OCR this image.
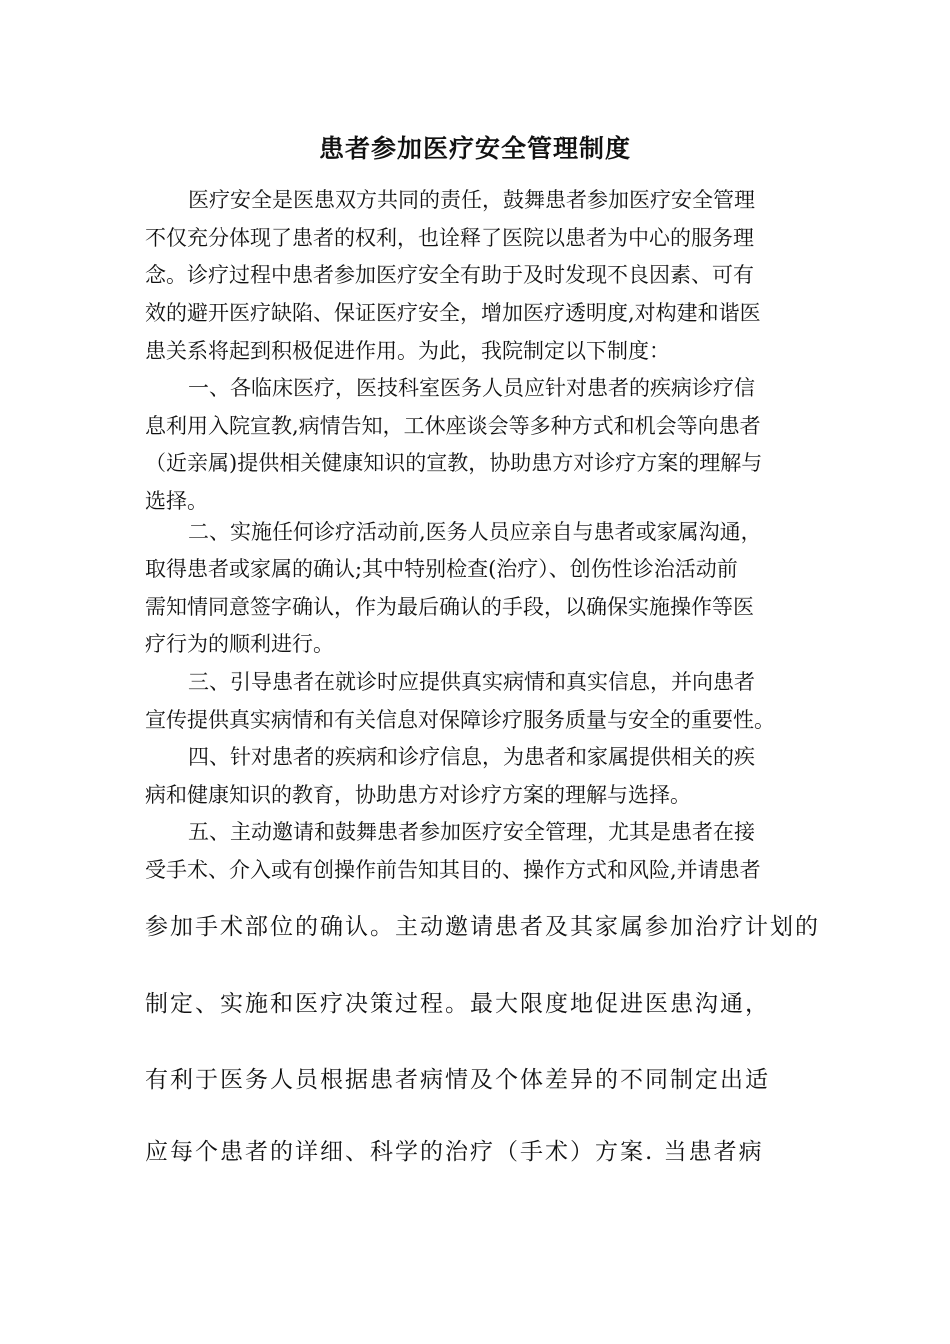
患者参加医疗安全管理制度
医疗安全是医患双方共同的责任，鼓舞患者参加医疗安全管理
不仅充分体现了患者的权利，也诠释了医院以患者为中心的服务理
念。诊疗过程中患者参加医疗安全有助于及时发现不良因素、可有
效的避开医疗缺陷、保证医疗安全，增加医疗透明度,对构建和谐医
患关系将起到积极促进作用。为此，我院制定以下制度：
一、各临床医疗，医技科室医务人员应针对患者的疾病诊疗信
息利用入院宣教,病情告知，工休座谈会等多种方式和机会等向患者
（近亲属)提供相关健康知识的宣教，协助患方对诊疗方案的理解与
选择。
二、实施任何诊疗活动前,医务人员应亲自与患者或家属沟通，
取得患者或家属的确认;其中特别检查(治疗）、创伤性诊治活动前
需知情同意签字确认，作为最后确认的手段，以确保实施操作等医
疗行为的顺利进行。
三、引导患者在就诊时应提供真实病情和真实信息，并向患者
宣传提供真实病情和有关信息对保障诊疗服务质量与安全的重要性。
四、针对患者的疾病和诊疗信息，为患者和家属提供相关的疾
病和健康知识的教育，协助患方对诊疗方案的理解与选择。
五、主动邀请和鼓舞患者参加医疗安全管理，尤其是患者在接
受手术、介入或有创操作前告知其目的、操作方式和风险,并请患者
参加手术部位的确认。主动邀请患者及其家属参加治疗计划的
制定、实施和医疗决策过程。最大限度地促进医患沟通，
有利于医务人员根据患者病情及个体差异的不同制定出适
应每个患者的详细、科学的治疗（手术）方案. 当患者病
